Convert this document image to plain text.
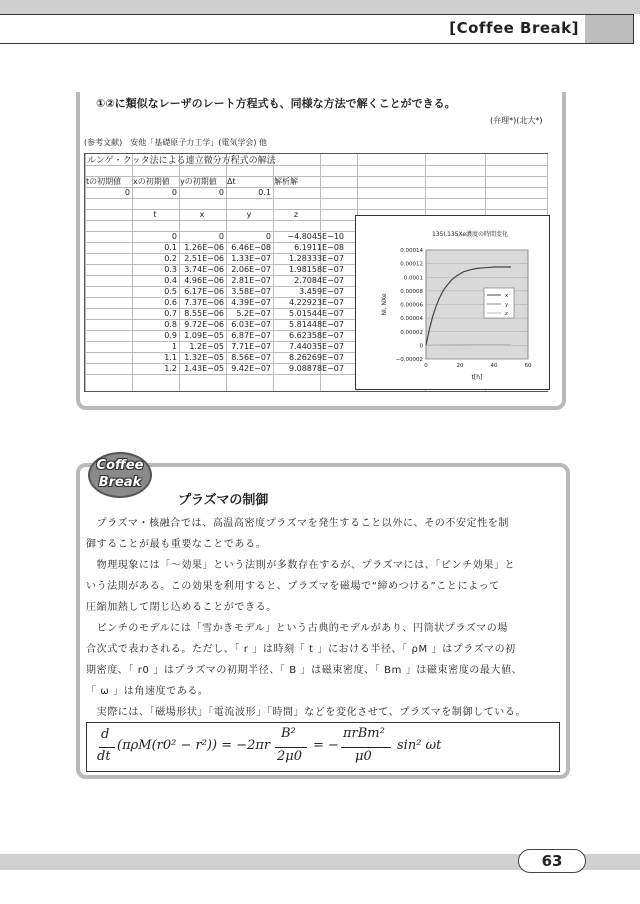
[Coffee Break]
①②に類似なレーザのレート方程式も、同様な方法で解くことができる。
(弁理*)(北大*)
(参考文献)　安他「基礎原子力工学」(電気学会) 他
ルンゲ・クッタ法による連立微分方程式の解法
tの初期値	xの初期値	yの初期値	Δt	解析解
0	0	0	0.1
t	x	y	z
0	0	0	−4.8045E−10
0.1 1.26E−06 6.46E−08	6.1911E−08
0.2 2.51E−06 1.33E−07	1.28333E−07
0.3 3.74E−06 2.06E−07	1.98158E−07
0.4 4.96E−06 2.81E−07	2.7084E−07
0.5 6.17E−06 3.58E−07	3.459E−07
0.6 7.37E−06 4.39E−07	4.22923E−07
0.7 8.55E−06	5.2E−07	5.01544E−07
0.8 9.72E−06 6.03E−07	5.81448E−07
0.9 1.09E−05 6.87E−07	6.62358E−07
1	1.2E−05 7.71E−07	7.44035E−07
1.1 1.32E−05 8.56E−07	8.26269E−07
1.2 1.43E−05 9.42E−07	9.08878E−07
135I,135Xe濃度の時間変化
0.00014
0.00012
0.0001
0.00008
0.00006
0.00004
0.00002
0
−0.00002
0	20	40	60
t[h]
NI, NXe	x
y
z
Coffee
Break
プラズマの制御
　プラズマ・核融合では、高温高密度プラズマを発生すること以外に、その不安定性を制
御することが最も重要なことである。
　物理現象には「〜効果」という法則が多数存在するが、プラズマには、「ピンチ効果」と
いう法則がある。この効果を利用すると、プラズマを磁場で“締めつける”ことによって
圧縮加熱して閉じ込めることができる。
　ピンチのモデルには「雪かきモデル」という古典的モデルがあり、円筒状プラズマの場
合次式で表わされる。ただし、「 r 」は時刻「 t 」における半径、「 ρM 」はプラズマの初
期密度、「 r0 」はプラズマの初期半径、「 B 」は磁束密度、「 Bm 」は磁束密度の最大値、
「 ω 」は角速度である。
　実際には、「磁場形状」「電流波形」「時間」などを変化させて、プラズマを制御している。
d
dt
(πρM(r0² − r²)) = −2πr
B²
2μ0
= −
πrBm²
μ0
sin² ωt
63
